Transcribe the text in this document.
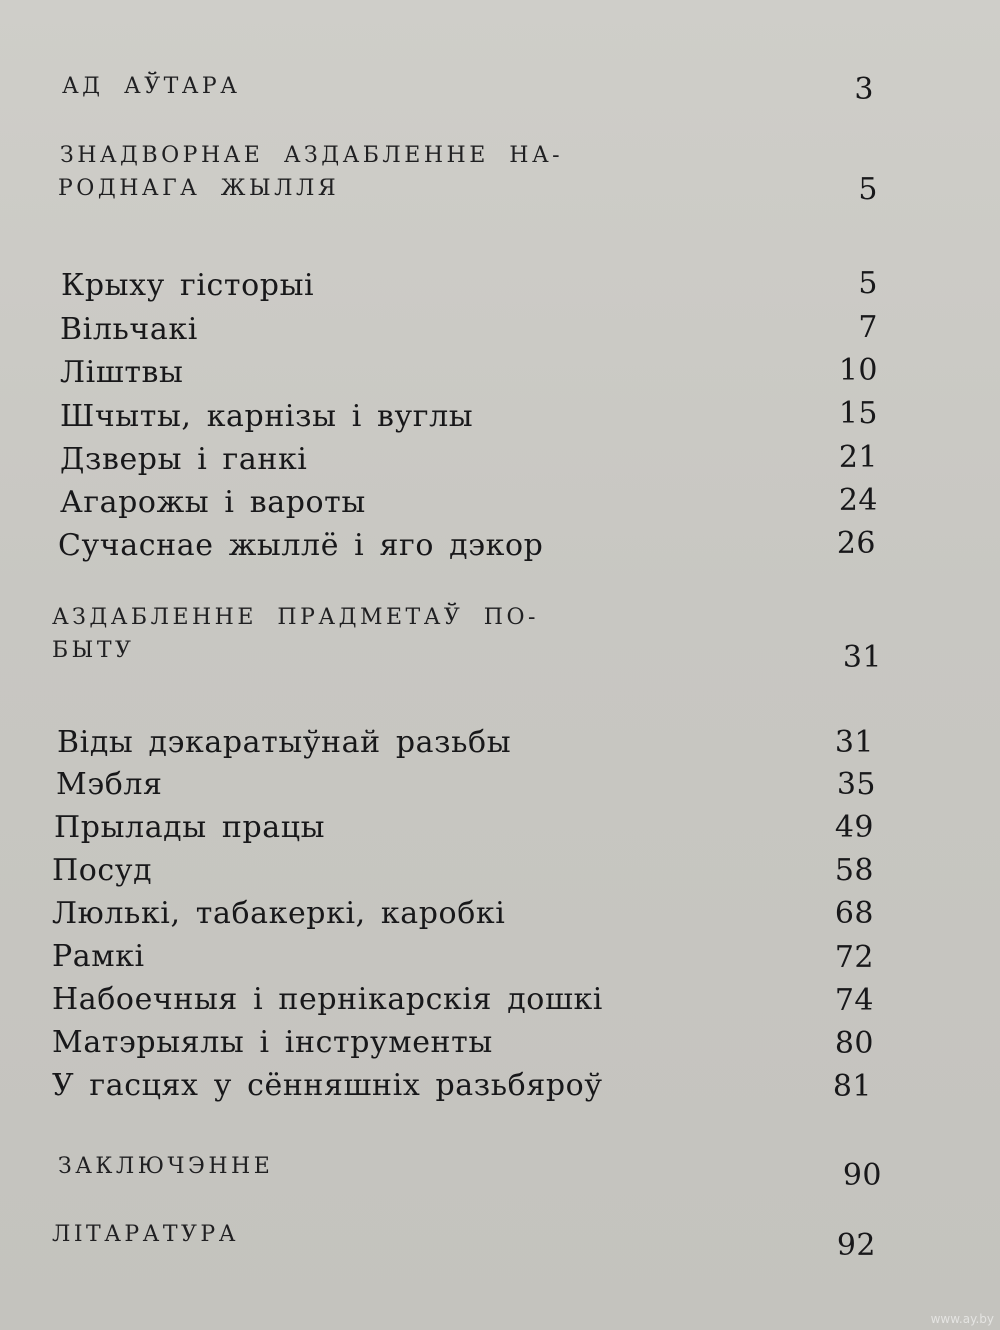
АД АЎТАРА	3

ЗНАДВОРНАЕ АЗДАБЛЕННЕ НА-

РОДНАГА ЖЫЛЛЯ	5

Крыху гісторыі	5

Вільчакі	7

Ліштвы	10

Шчыты, карнізы і вуглы	15

Дзверы і ганкі	21

Агарожы і вароты	24

Сучаснае жыллё і яго дэкор	26

АЗДАБЛЕННЕ ПРАДМЕТАЎ ПО-

БЫТУ	31

Віды дэкаратыўнай разьбы	31

Мэбля	35

Прылады працы	49

Посуд	58

Люлькі, табакеркі, каробкі	68

Рамкі	72

Набоечныя і пернікарскія дошкі	74

Матэрыялы і інструменты	80

У гасцях у сённяшніх разьбяроў	81

ЗАКЛЮЧЭННЕ	90

ЛІТАРАТУРА	92
www.ay.by
